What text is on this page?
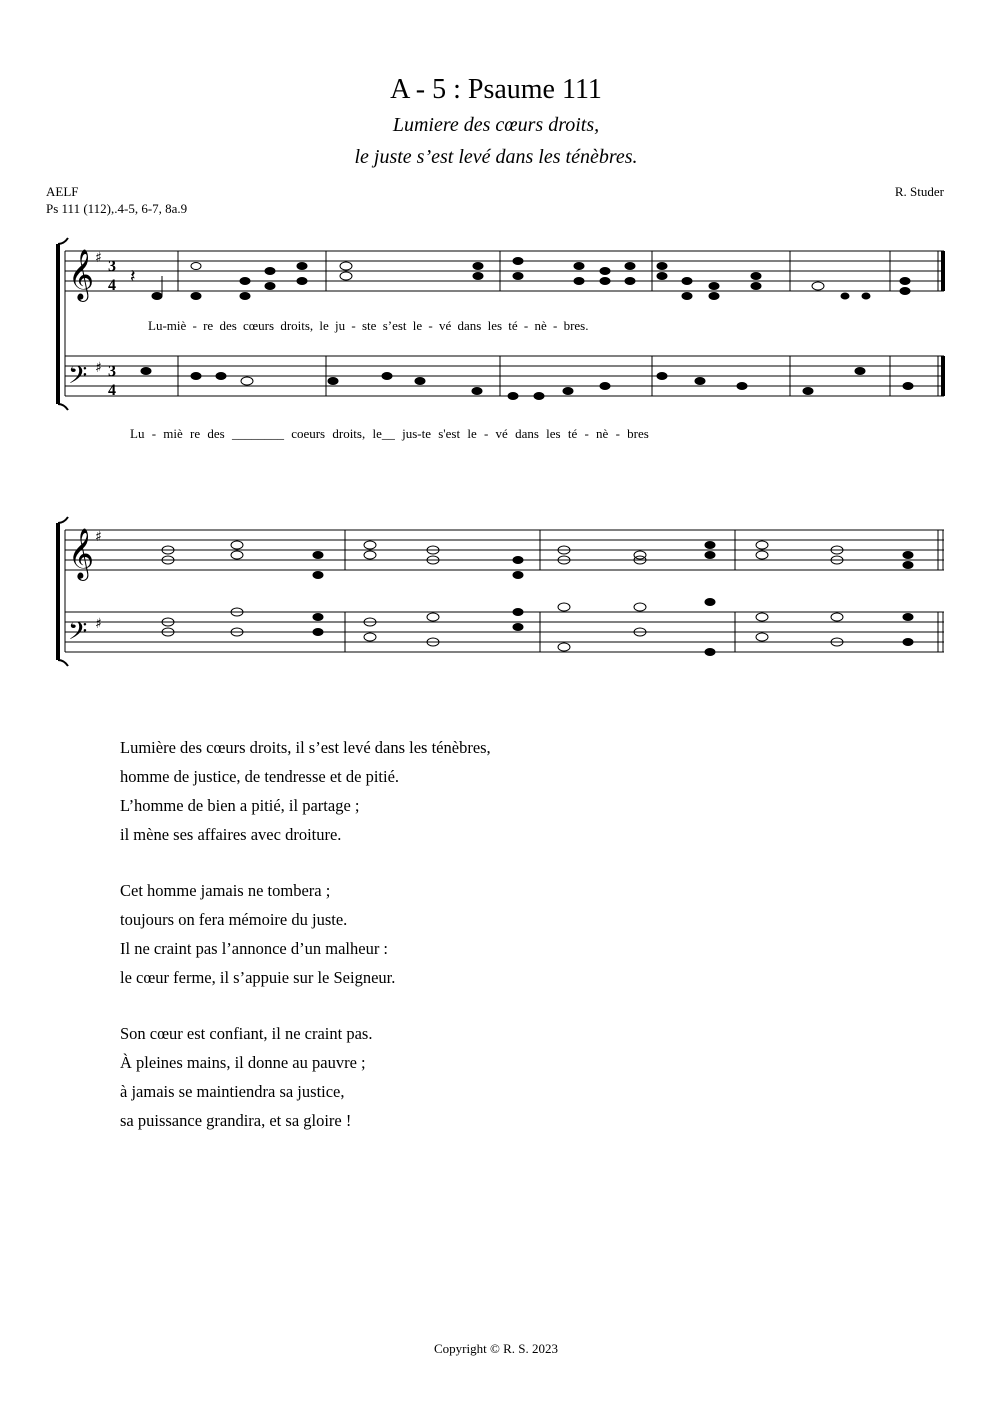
A - 5 : Psaume 111
Lumiere des cœurs droits,
le juste s’est levé dans les ténèbres.
AELF
Ps 111 (112),.4-5, 6-7, 8a.9
R. Studer
𝄞
𝄢
♯
♯
3
4
3
4
𝄞
𝄢
♯
♯
𝄽
Lu-miè - re des cœurs droits, le ju - ste s’est le - vé dans les té - nè - bres.
Lu - miè re des ________ coeurs droits, le__ jus-te s'est le - vé dans les té - nè - bres
Lumière des cœurs droits, il s’est levé dans les ténèbres,
homme de justice, de tendresse et de pitié.
L’homme de bien a pitié, il partage ;
il mène ses affaires avec droiture.
Cet homme jamais ne tombera ;
toujours on fera mémoire du juste.
Il ne craint pas l’annonce d’un malheur :
le cœur ferme, il s’appuie sur le Seigneur.
Son cœur est confiant, il ne craint pas.
À pleines mains, il donne au pauvre ;
à jamais se maintiendra sa justice,
sa puissance grandira, et sa gloire !
Copyright © R. S. 2023
